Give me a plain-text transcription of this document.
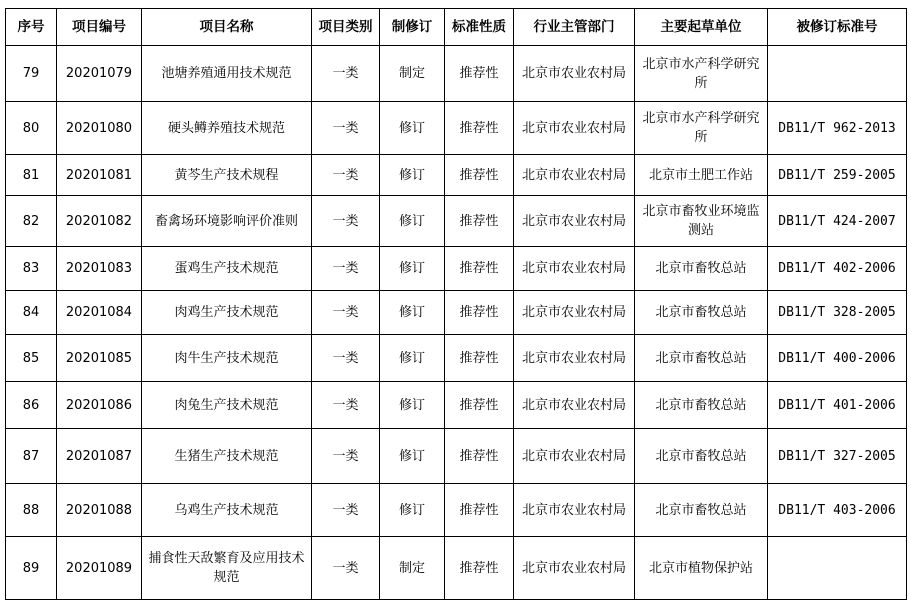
序号	项目编号	项目名称	项目类别	制修订	标准性质	行业主管部门	主要起草单位	被修订标准号
79	20201079	池塘养殖通用技术规范	一类	制定	推荐性	北京市农业农村局	北京市水产科学研究所	
80	20201080	硬头鳟养殖技术规范	一类	修订	推荐性	北京市农业农村局	北京市水产科学研究所	DB11/T 962-2013
81	20201081	黄芩生产技术规程	一类	修订	推荐性	北京市农业农村局	北京市土肥工作站	DB11/T 259-2005
82	20201082	畜禽场环境影响评价准则	一类	修订	推荐性	北京市农业农村局	北京市畜牧业环境监测站	DB11/T 424-2007
83	20201083	蛋鸡生产技术规范	一类	修订	推荐性	北京市农业农村局	北京市畜牧总站	DB11/T 402-2006
84	20201084	肉鸡生产技术规范	一类	修订	推荐性	北京市农业农村局	北京市畜牧总站	DB11/T 328-2005
85	20201085	肉牛生产技术规范	一类	修订	推荐性	北京市农业农村局	北京市畜牧总站	DB11/T 400-2006
86	20201086	肉兔生产技术规范	一类	修订	推荐性	北京市农业农村局	北京市畜牧总站	DB11/T 401-2006
87	20201087	生猪生产技术规范	一类	修订	推荐性	北京市农业农村局	北京市畜牧总站	DB11/T 327-2005
88	20201088	乌鸡生产技术规范	一类	修订	推荐性	北京市农业农村局	北京市畜牧总站	DB11/T 403-2006
89	20201089	捕食性天敌繁育及应用技术规范	一类	制定	推荐性	北京市农业农村局	北京市植物保护站	
